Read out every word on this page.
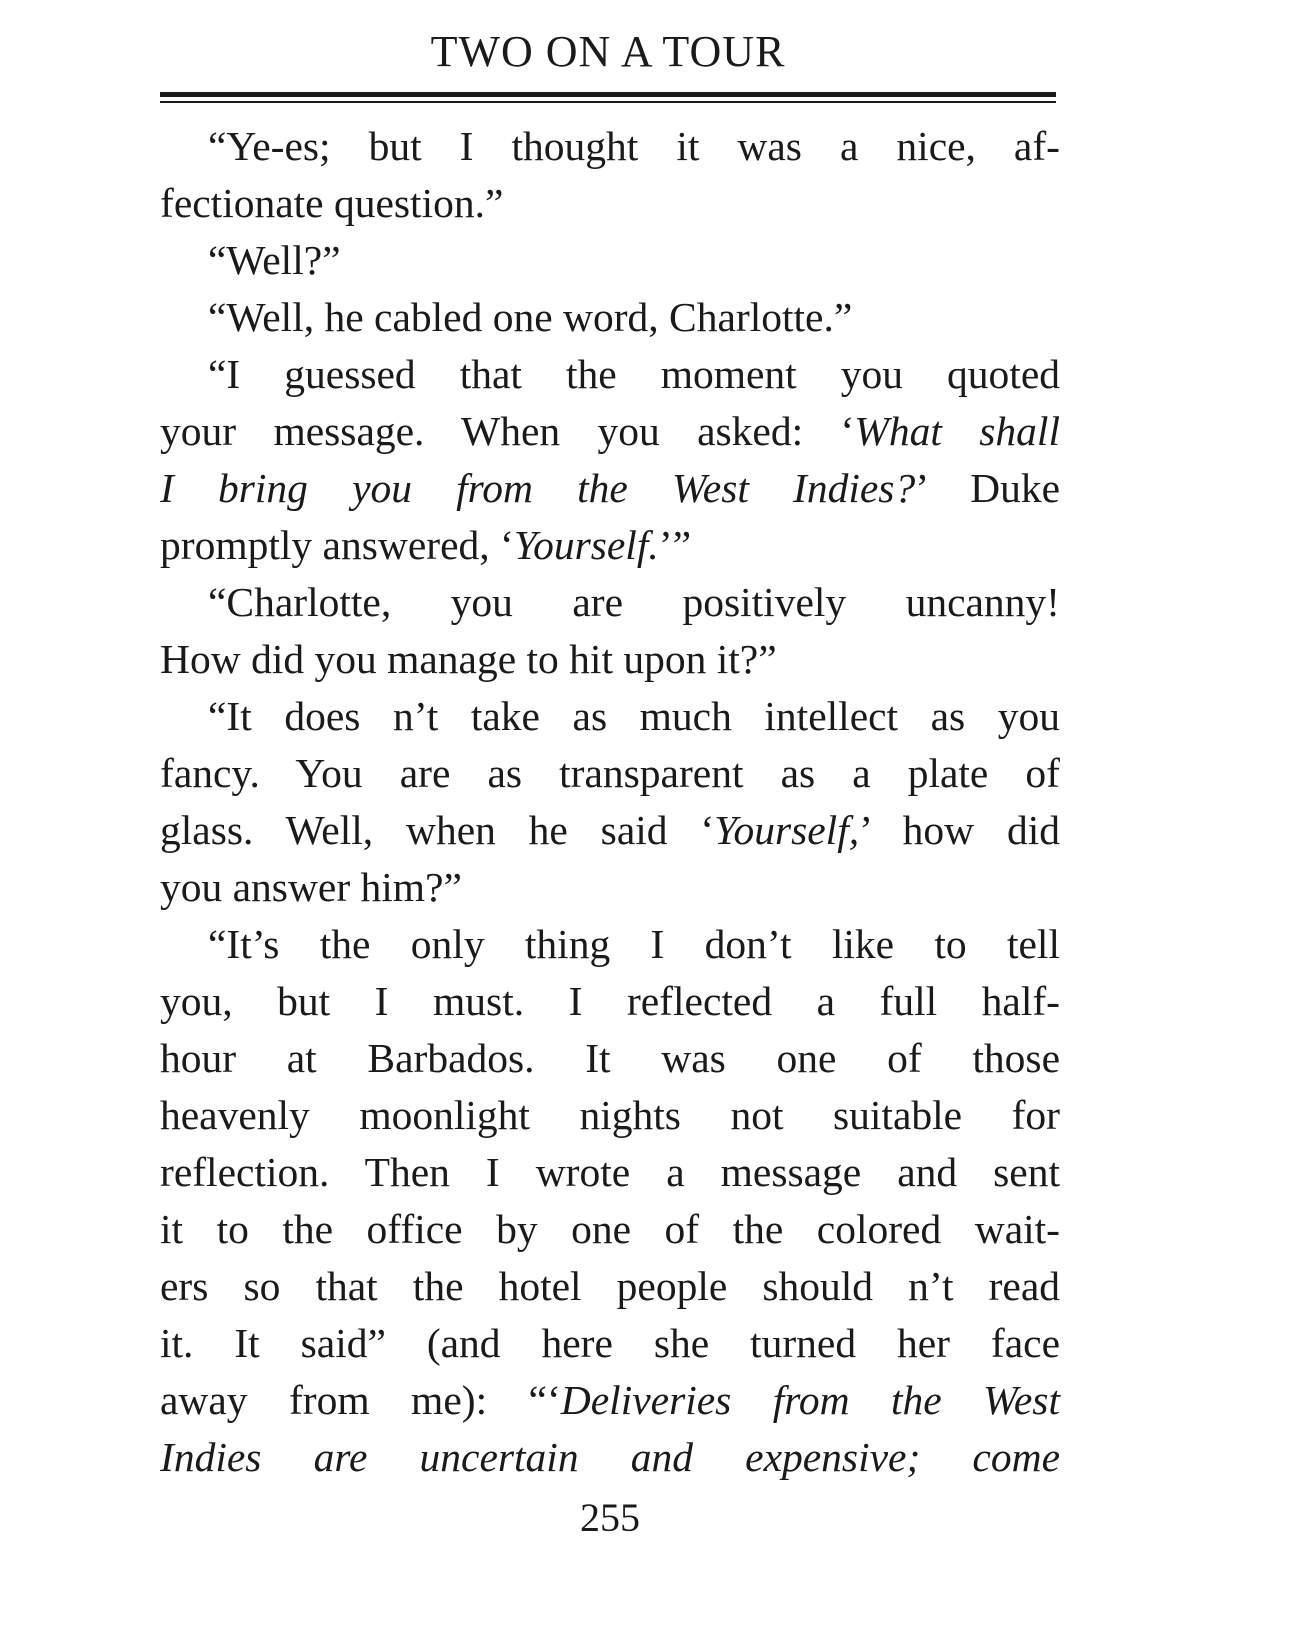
TWO ON A TOUR
“Ye-es; but I thought it was a nice, af-
fectionate question.”
“Well?”
“Well, he cabled one word, Charlotte.”
“I guessed that the moment you quoted
your message. When you asked: ‘What shall
I bring you from the West Indies?’ Duke
promptly answered, ‘Yourself.’”
“Charlotte, you are positively uncanny!
How did you manage to hit upon it?”
“It does n’t take as much intellect as you
fancy. You are as transparent as a plate of
glass. Well, when he said ‘Yourself,’ how did
you answer him?”
“It’s the only thing I don’t like to tell
you, but I must. I reflected a full half-
hour at Barbados. It was one of those
heavenly moonlight nights not suitable for
reflection. Then I wrote a message and sent
it to the office by one of the colored wait-
ers so that the hotel people should n’t read
it. It said” (and here she turned her face
away from me): “‘Deliveries from the West
Indies are uncertain and expensive; come
255
